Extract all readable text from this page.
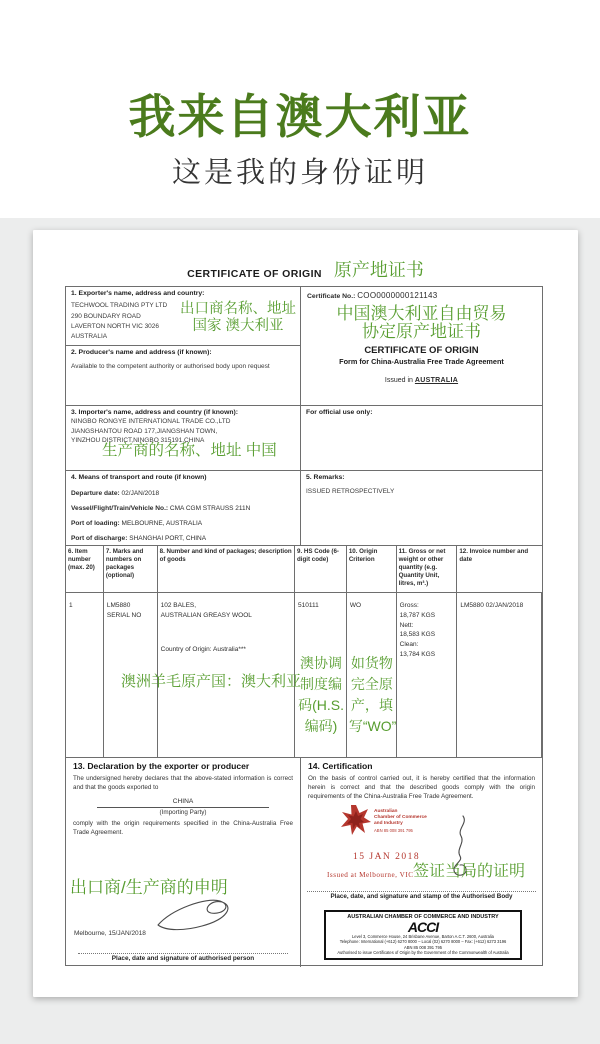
我来自澳大利亚
这是我的身份证明
CERTIFICATE OF ORIGIN 原产地证书
1. Exporter's name, address and country:
TECHWOOL TRADING PTY LTD
290 BOUNDARY ROAD
LAVERTON NORTH VIC 3026
AUSTRALIA
出口商名称、地址
国家 澳大利亚
2. Producer's name and address (if known):
Available to the competent authority or authorised body upon request
Certificate No.: COO0000000121143
中国澳大利亚自由贸易
协定原产地证书
CERTIFICATE OF ORIGIN
Form for China-Australia Free Trade Agreement
Issued in AUSTRALIA
3. Importer's name, address and country (if known):
NINGBO RONGYE INTERNATIONAL TRADE CO.,LTD
JIANGSHANTOU ROAD 177,JIANGSHAN TOWN,
YINZHOU DISTRICT,NINGBO 315191,CHINA
生产商的名称、地址 中国
For official use only:
4. Means of transport and route (if known)
Departure date: 02/JAN/2018
Vessel/Flight/Train/Vehicle No.: CMA CGM STRAUSS 211N
Port of loading: MELBOURNE, AUSTRALIA
Port of discharge: SHANGHAI PORT, CHINA
5. Remarks:
ISSUED RETROSPECTIVELY
6. Item number (max. 20)
7. Marks and numbers on packages (optional)
8. Number and kind of packages; description of goods
9. HS Code (6-digit code)
10. Origin Criterion
11. Gross or net weight or other quantity (e.g. Quantity Unit, litres, m³.)
12. Invoice number and date
1	LM5880
SERIAL NO
102 BALES,
AUSTRALIAN GREASY WOOL
Country of Origin: Australia***
510111
澳协调制度编码(H.S. 编码)
WO
如货物完全原产，填写“WO”
Gross:
18,787 KGS
Nett:
18,583 KGS
Clean:
13,784 KGS
LM5880 02/JAN/2018
澳洲羊毛原产国：澳大利亚
13. Declaration by the exporter or producer
The undersigned hereby declares that the above-stated information is correct and that the goods exported to
CHINA
(Importing Party)
comply with the origin requirements specified in the China-Australia Free Trade Agreement.
出口商/生产商的申明
Melbourne, 15/JAN/2018
Place, date and signature of authorised person
14. Certification
On the basis of control carried out, it is hereby certified that the information herein is correct and that the described goods comply with the origin requirements of the China-Australia Free Trade Agreement.
Australian
Chamber of Commerce
and Industry
ABN 85 008 391 795
15 JAN 2018
Issued at Melbourne, VIC 签证当局的证明
Place, date, and signature and stamp of the Authorised Body
AUSTRALIAN CHAMBER OF COMMERCE AND INDUSTRY
ACCI
Level 3, Commerce House, 24 Brisbane Avenue, Barton A.C.T. 2600, Australia
Telephone: International (+612) 6270 8000 – Local (02) 6270 8000 – Fax: (+612) 6273 3196
ABN 85 008 391 795
Authorised to issue Certificates of Origin by the Government of the Commonwealth of Australia
